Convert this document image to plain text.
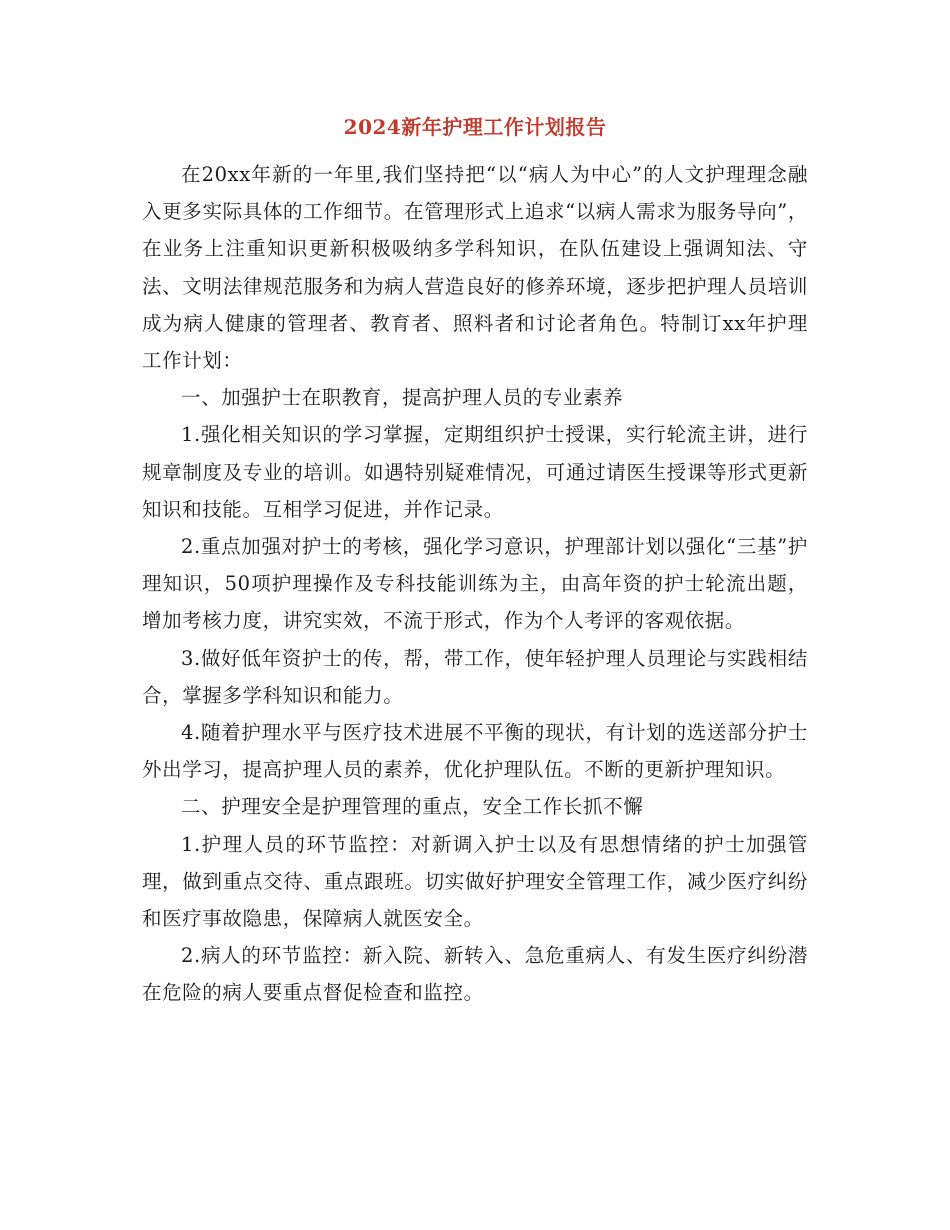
2024新年护理工作计划报告

在20xx年新的一年里,我们坚持把“以“病人为中心”的人文护理理念融入更多实际具体的工作细节。在管理形式上追求“以病人需求为服务导向”，在业务上注重知识更新积极吸纳多学科知识，在队伍建设上强调知法、守法、文明法律规范服务和为病人营造良好的修养环境，逐步把护理人员培训成为病人健康的管理者、教育者、照料者和讨论者角色。特制订xx年护理工作计划：

一、加强护士在职教育，提高护理人员的专业素养

1.强化相关知识的学习掌握，定期组织护士授课，实行轮流主讲，进行规章制度及专业的培训。如遇特别疑难情况，可通过请医生授课等形式更新知识和技能。互相学习促进，并作记录。

2.重点加强对护士的考核，强化学习意识，护理部计划以强化“三基”护理知识，50项护理操作及专科技能训练为主，由高年资的护士轮流出题，增加考核力度，讲究实效，不流于形式，作为个人考评的客观依据。

3.做好低年资护士的传，帮，带工作，使年轻护理人员理论与实践相结合，掌握多学科知识和能力。

4.随着护理水平与医疗技术进展不平衡的现状，有计划的选送部分护士外出学习，提高护理人员的素养，优化护理队伍。不断的更新护理知识。

二、护理安全是护理管理的重点，安全工作长抓不懈

1.护理人员的环节监控：对新调入护士以及有思想情绪的护士加强管理，做到重点交待、重点跟班。切实做好护理安全管理工作，减少医疗纠纷和医疗事故隐患，保障病人就医安全。

2.病人的环节监控：新入院、新转入、急危重病人、有发生医疗纠纷潜在危险的病人要重点督促检查和监控。
